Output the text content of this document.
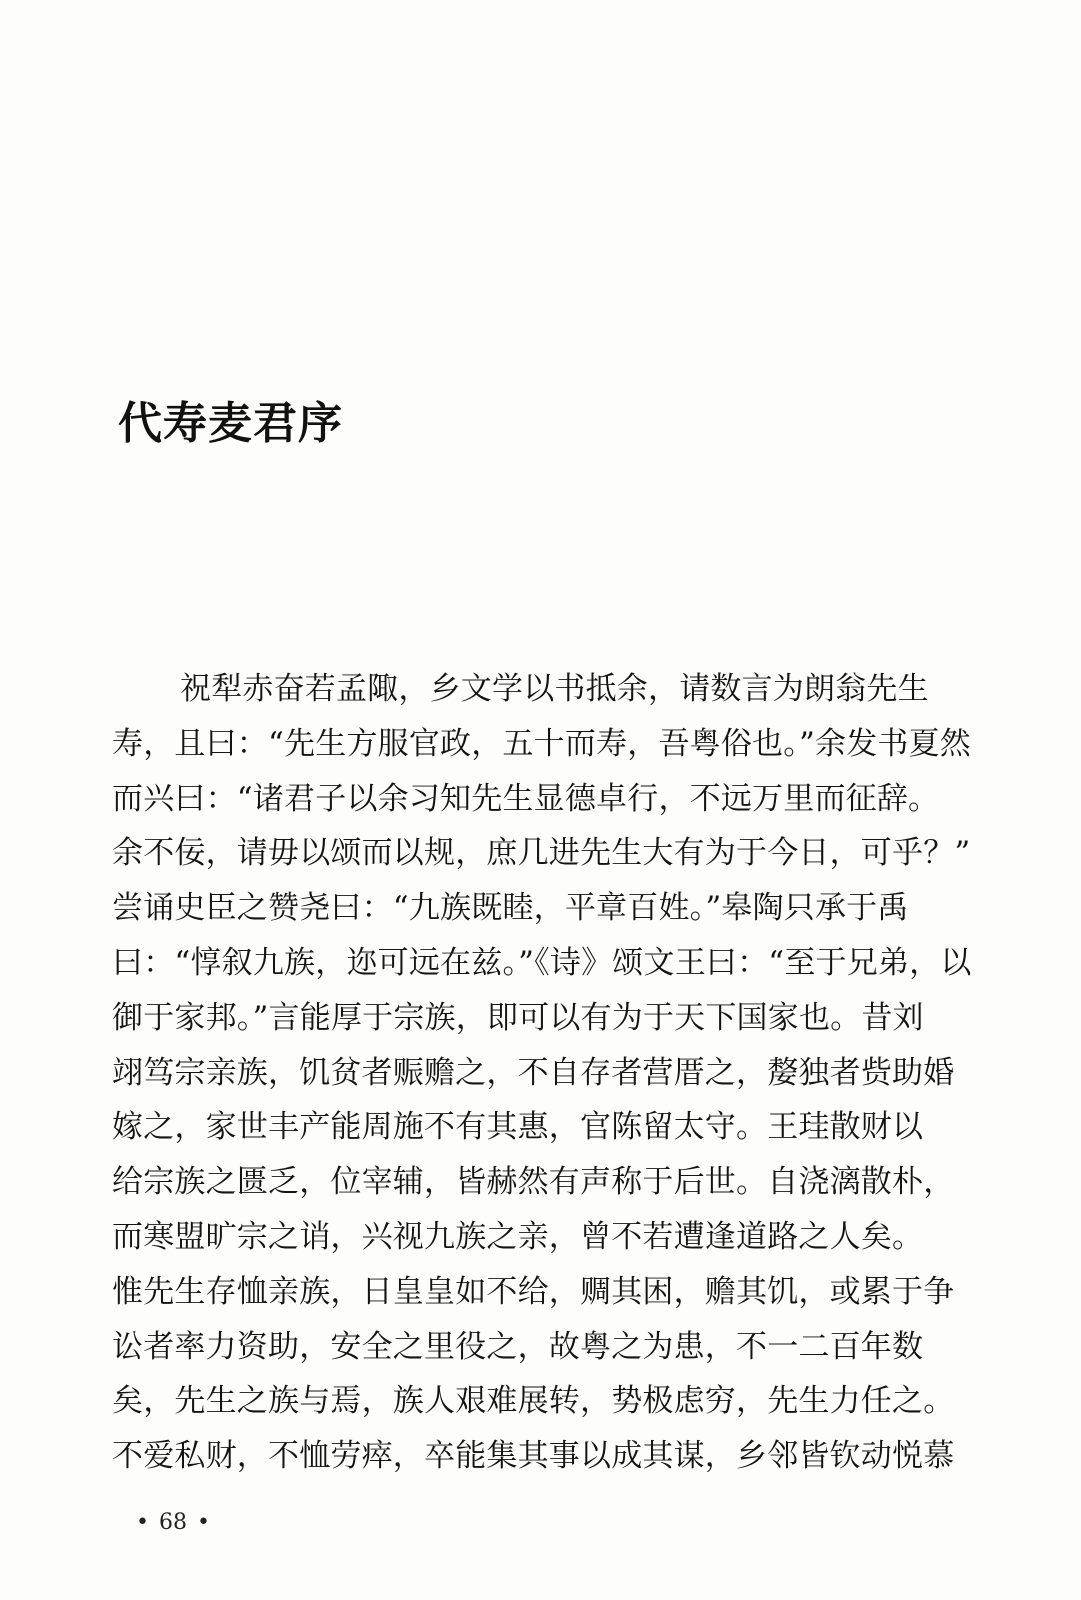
代寿麦君序
祝犁赤奋若孟陬，乡文学以书抵余，请数言为朗翁先生
寿，且曰：“先生方服官政，五十而寿，吾粤俗也。”余发书夏然
而兴曰：“诸君子以余习知先生显德卓行，不远万里而征辞。
余不佞，请毋以颂而以规，庶几进先生大有为于今日，可乎？”
尝诵史臣之赞尧曰：“九族既睦，平章百姓。”皋陶只承于禹
曰：“惇叙九族，迩可远在兹。”《诗》颂文王曰：“至于兄弟，以
御于家邦。”言能厚于宗族，即可以有为于天下国家也。昔刘
翊笃宗亲族，饥贫者赈赡之，不自存者营厝之，嫠独者赀助婚
嫁之，家世丰产能周施不有其惠，官陈留太守。王珪散财以
给宗族之匮乏，位宰辅，皆赫然有声称于后世。自浇漓散朴，
而寒盟旷宗之诮，兴视九族之亲，曾不若遭逢道路之人矣。
惟先生存恤亲族，日皇皇如不给，赒其困，赡其饥，或累于争
讼者率力资助，安全之里役之，故粤之为患，不一二百年数
矣，先生之族与焉，族人艰难展转，势极虑穷，先生力任之。
不爱私财，不恤劳瘁，卒能集其事以成其谋，乡邻皆钦动悦慕
• 68 •
